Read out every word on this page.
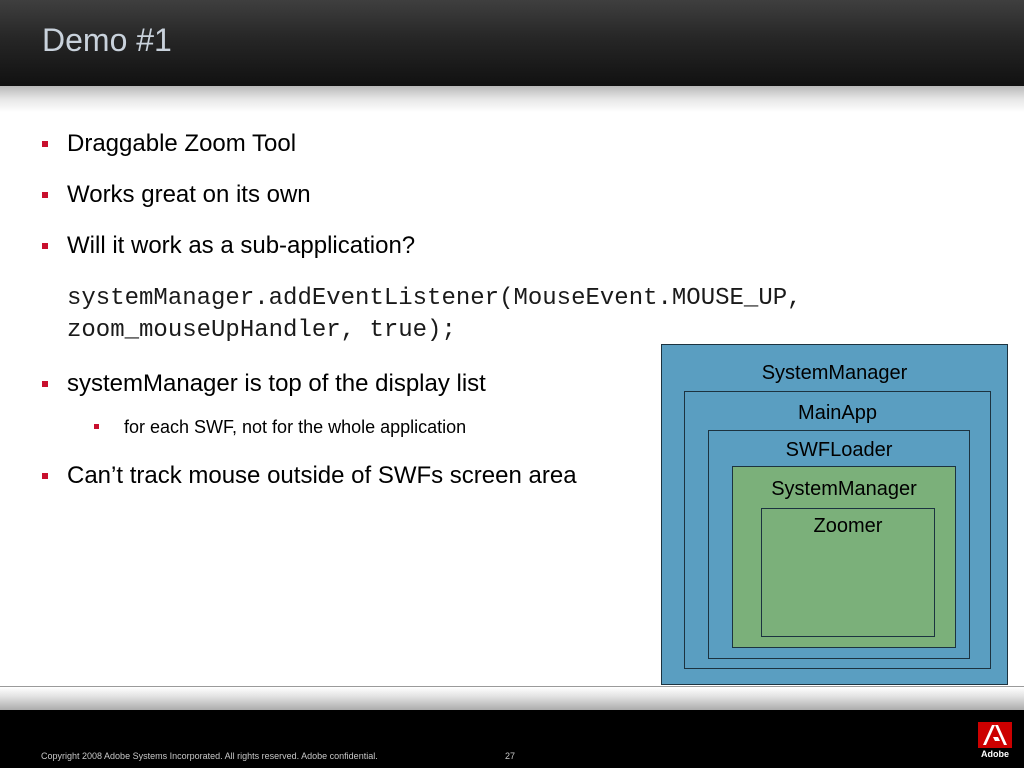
Demo #1
Draggable Zoom Tool
Works great on its own
Will it work as a sub-application?
systemManager.addEventListener(MouseEvent.MOUSE_UP,
zoom_mouseUpHandler, true);
systemManager is top of the display list
for each SWF, not for the whole application
Can’t track mouse outside of SWFs screen area
SystemManager
MainApp
SWFLoader
SystemManager
Zoomer
Copyright 2008 Adobe Systems Incorporated. All rights reserved. Adobe confidential.	27	Adobe
